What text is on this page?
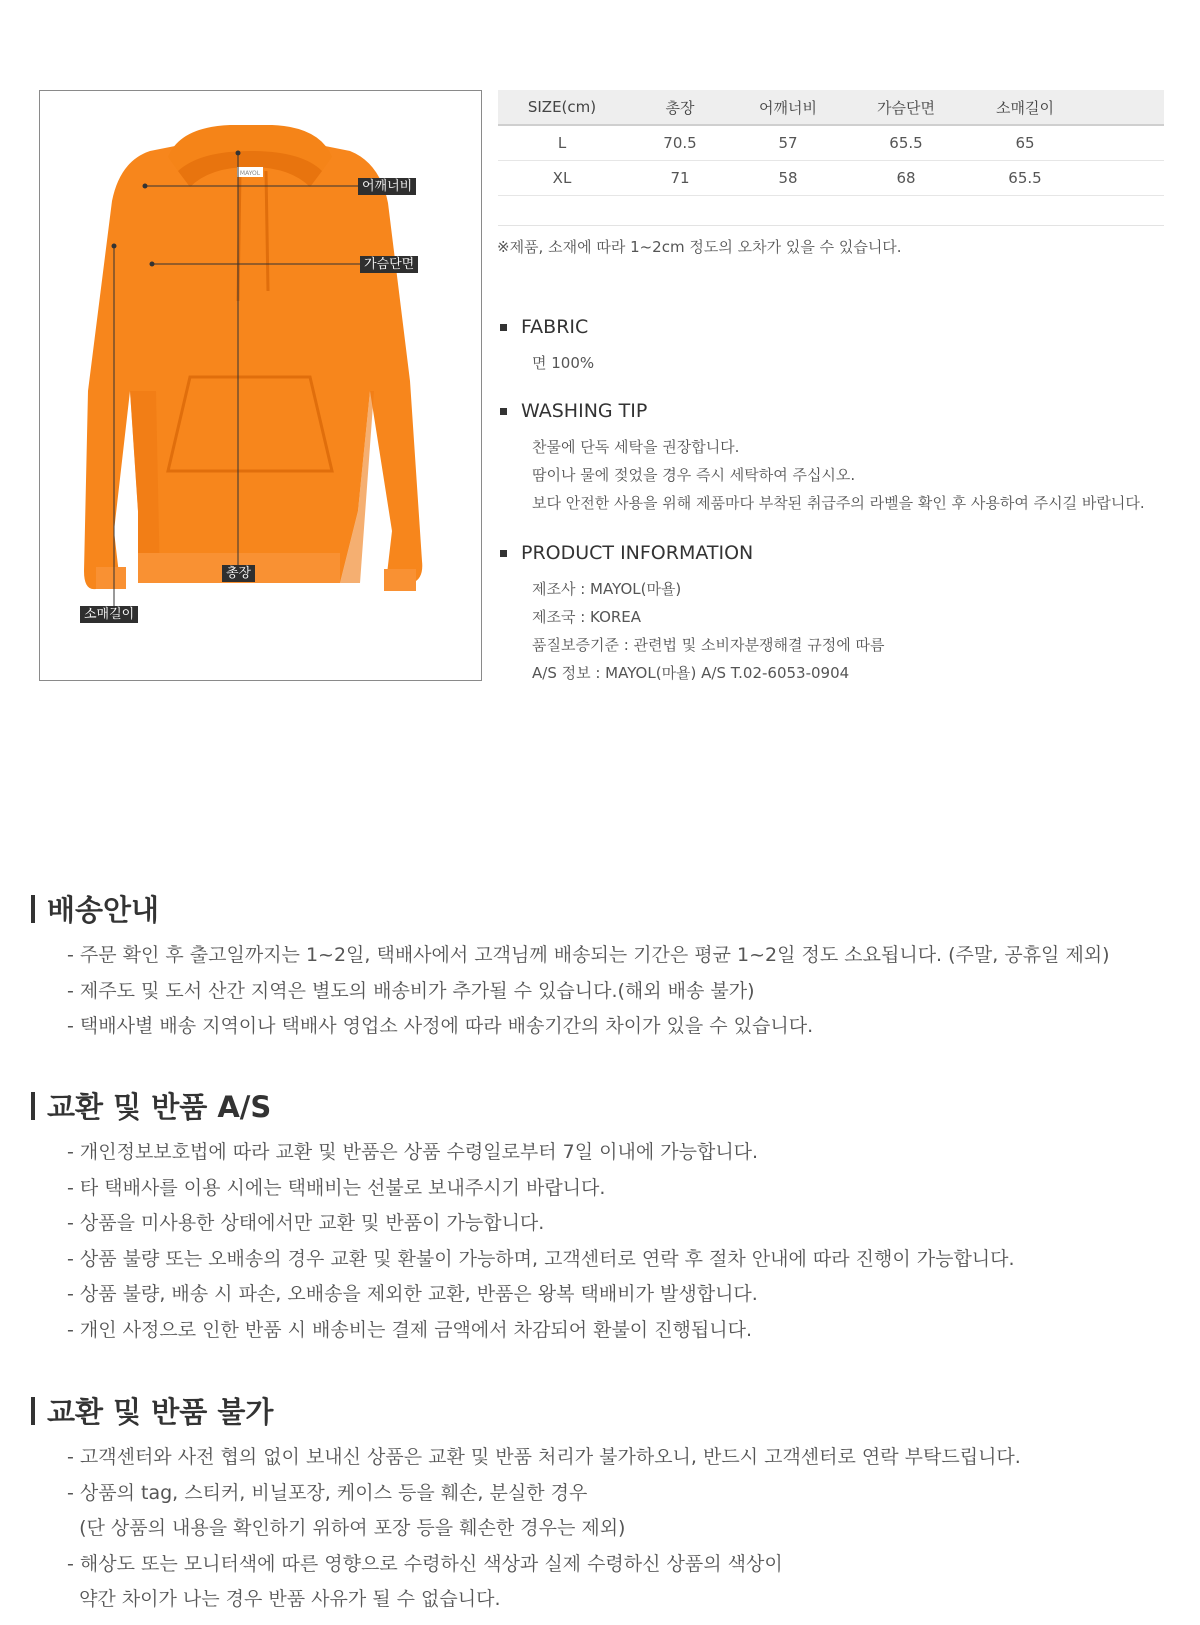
MAYOL
어깨너비
가슴단면
총장
소매길이
SIZE(cm)	총장	어깨너비	가슴단면	소매길이	
L	70.5	57	65.5	65	
XL	71	58	68	65.5	
※제품, 소재에 따라 1~2cm 정도의 오차가 있을 수 있습니다.
FABRIC
면 100%
WASHING TIP
찬물에 단독 세탁을 권장합니다.
땀이나 물에 젖었을 경우 즉시 세탁하여 주십시오.
보다 안전한 사용을 위해 제품마다 부착된 취급주의 라벨을 확인 후 사용하여 주시길 바랍니다.
PRODUCT INFORMATION
제조사 : MAYOL(마욜)
제조국 : KOREA
품질보증기준 : 관련법 및 소비자분쟁해결 규정에 따름
A/S 정보 : MAYOL(마욜) A/S T.02-6053-0904
배송안내
- 주문 확인 후 출고일까지는 1~2일, 택배사에서 고객님께 배송되는 기간은 평균 1~2일 정도 소요됩니다. (주말, 공휴일 제외)
- 제주도 및 도서 산간 지역은 별도의 배송비가 추가될 수 있습니다.(해외 배송 불가)
- 택배사별 배송 지역이나 택배사 영업소 사정에 따라 배송기간의 차이가 있을 수 있습니다.
교환 및 반품 A/S
- 개인정보보호법에 따라 교환 및 반품은 상품 수령일로부터 7일 이내에 가능합니다.
- 타 택배사를 이용 시에는 택배비는 선불로 보내주시기 바랍니다.
- 상품을 미사용한 상태에서만 교환 및 반품이 가능합니다.
- 상품 불량 또는 오배송의 경우 교환 및 환불이 가능하며, 고객센터로 연락 후 절차 안내에 따라 진행이 가능합니다.
- 상품 불량, 배송 시 파손, 오배송을 제외한 교환, 반품은 왕복 택배비가 발생합니다.
- 개인 사정으로 인한 반품 시 배송비는 결제 금액에서 차감되어 환불이 진행됩니다.
교환 및 반품 불가
- 고객센터와 사전 협의 없이 보내신 상품은 교환 및 반품 처리가 불가하오니, 반드시 고객센터로 연락 부탁드립니다.
- 상품의 tag, 스티커, 비닐포장, 케이스 등을 훼손, 분실한 경우
(단 상품의 내용을 확인하기 위하여 포장 등을 훼손한 경우는 제외)
- 해상도 또는 모니터색에 따른 영향으로 수령하신 색상과 실제 수령하신 상품의 색상이
약간 차이가 나는 경우 반품 사유가 될 수 없습니다.
